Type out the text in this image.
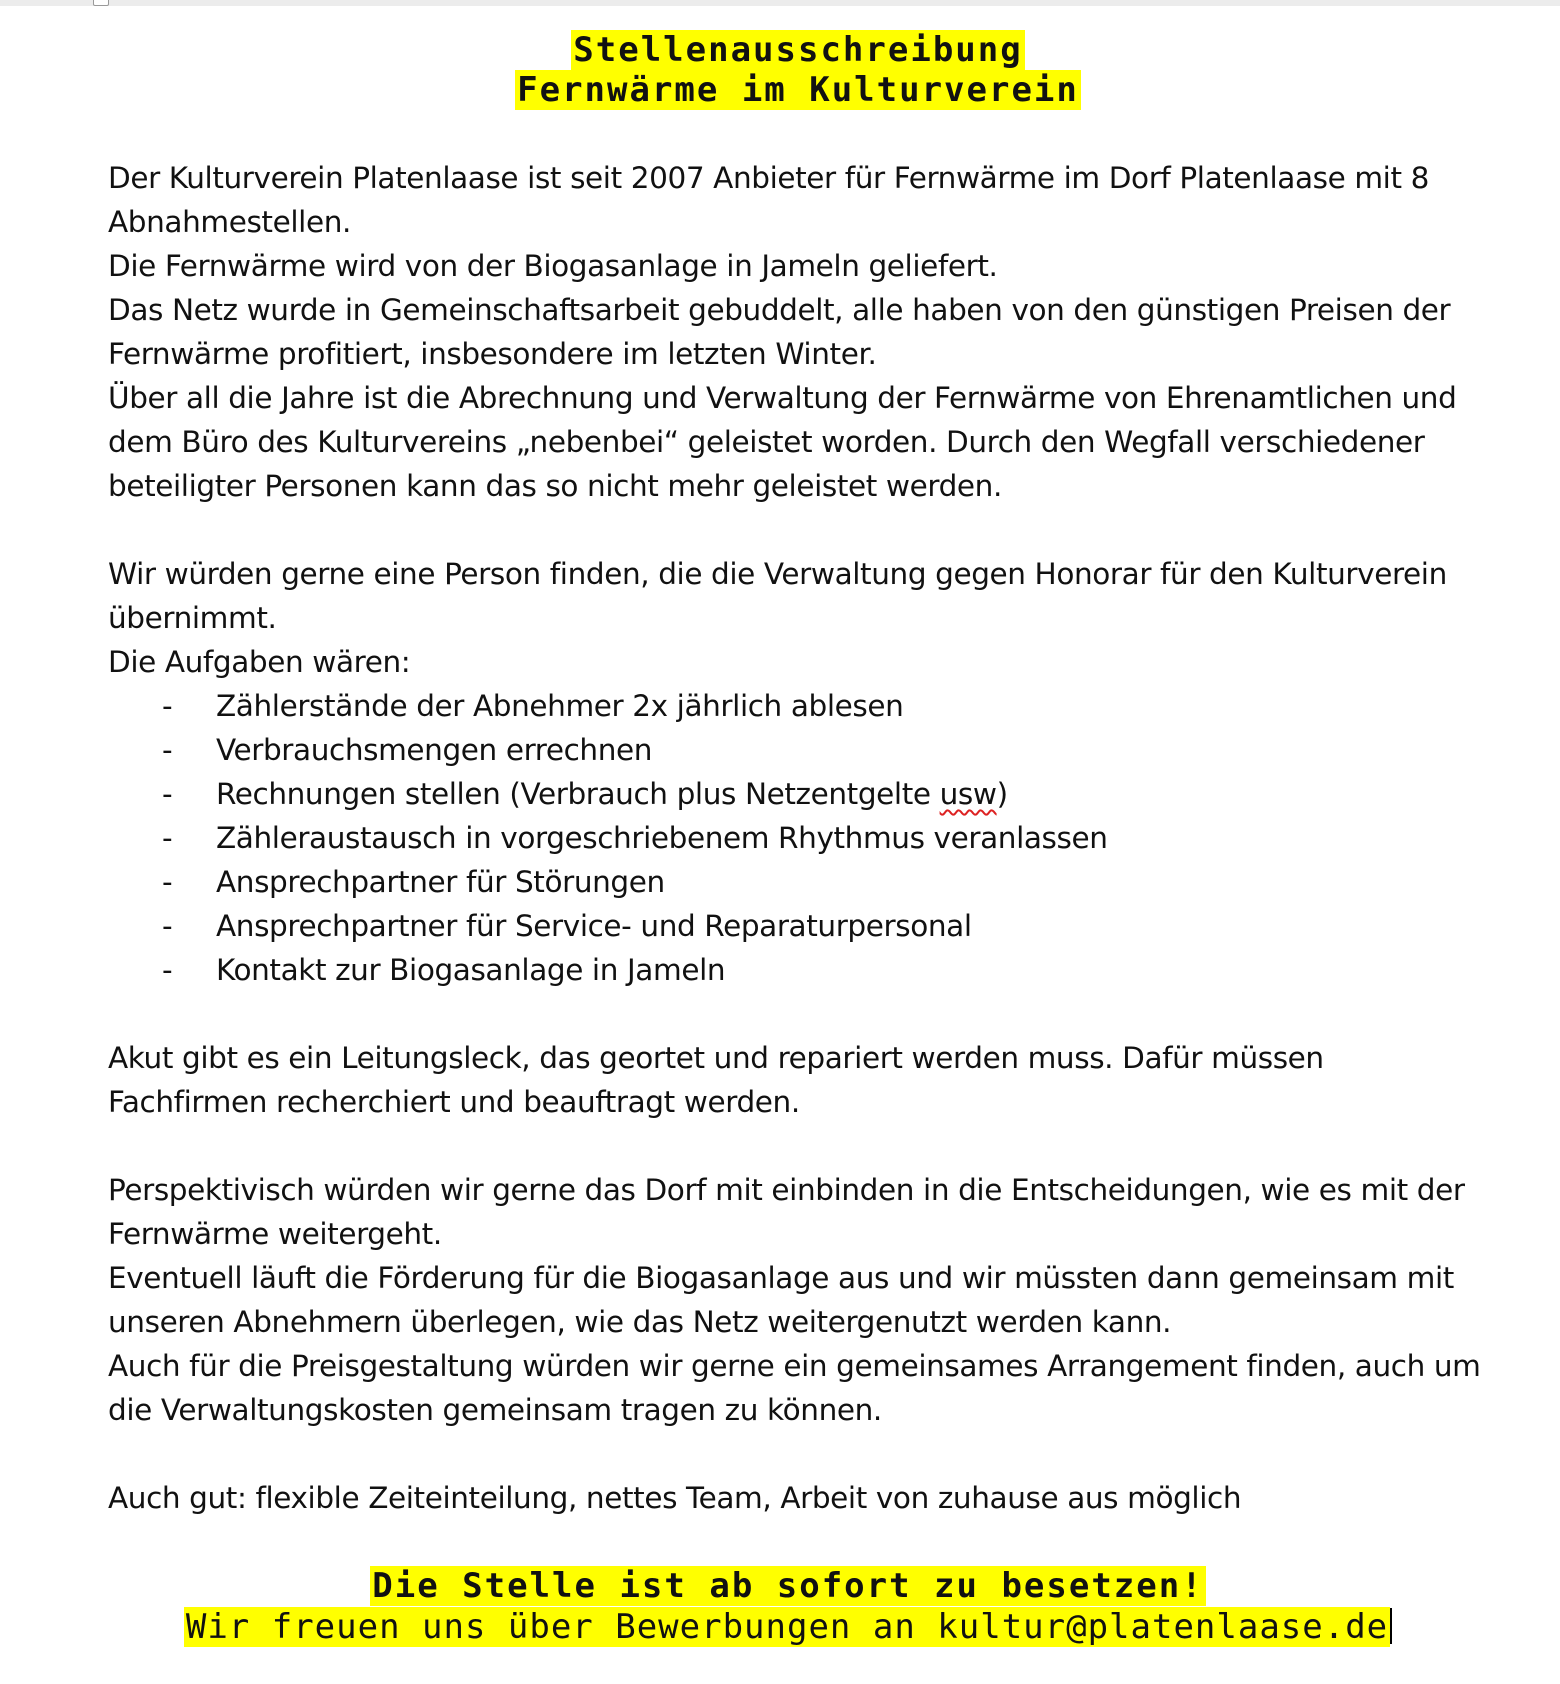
Stellenausschreibung
Fernwärme im Kulturverein

Der Kulturverein Platenlaase ist seit 2007 Anbieter für Fernwärme im Dorf Platenlaase mit 8 Abnahmestellen.

Die Fernwärme wird von der Biogasanlage in Jameln geliefert.

Das Netz wurde in Gemeinschaftsarbeit gebuddelt, alle haben von den günstigen Preisen der Fernwärme profitiert, insbesondere im letzten Winter.

Über all die Jahre ist die Abrechnung und Verwaltung der Fernwärme von Ehrenamtlichen und dem Büro des Kulturvereins „nebenbei“ geleistet worden. Durch den Wegfall verschiedener beteiligter Personen kann das so nicht mehr geleistet werden.

Wir würden gerne eine Person finden, die die Verwaltung gegen Honorar für den Kulturverein übernimmt.

Die Aufgaben wären:

- Zählerstände der Abnehmer 2x jährlich ablesen
- Verbrauchsmengen errechnen
- Rechnungen stellen (Verbrauch plus Netzentgelte usw)
- Zähleraustausch in vorgeschriebenem Rhythmus veranlassen
- Ansprechpartner für Störungen
- Ansprechpartner für Service- und Reparaturpersonal
- Kontakt zur Biogasanlage in Jameln

Akut gibt es ein Leitungsleck, das geortet und repariert werden muss. Dafür müssen Fachfirmen recherchiert und beauftragt werden.

Perspektivisch würden wir gerne das Dorf mit einbinden in die Entscheidungen, wie es mit der Fernwärme weitergeht.

Eventuell läuft die Förderung für die Biogasanlage aus und wir müssten dann gemeinsam mit unseren Abnehmern überlegen, wie das Netz weitergenutzt werden kann.

Auch für die Preisgestaltung würden wir gerne ein gemeinsames Arrangement finden, auch um die Verwaltungskosten gemeinsam tragen zu können.

Auch gut: flexible Zeiteinteilung, nettes Team, Arbeit von zuhause aus möglich

Die Stelle ist ab sofort zu besetzen!
Wir freuen uns über Bewerbungen an kultur@platenlaase.de
